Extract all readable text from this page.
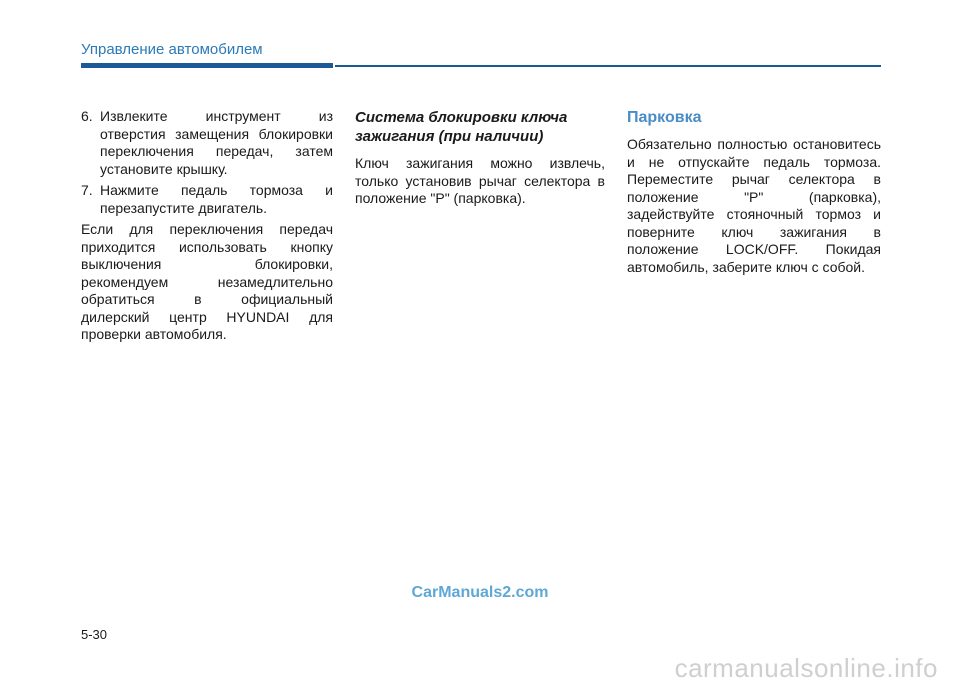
Управление автомобилем
6. Извлеките инструмент из отверстия замещения блокировки переключения передач, затем установите крышку.
7. Нажмите педаль тормоза и перезапустите двигатель.

Если для переключения передач приходится использовать кнопку выключения блокировки, рекомендуем незамедлительно обратиться в официальный дилерский центр HYUNDAI для проверки автомобиля.

Система блокировки ключа зажигания (при наличии)

Ключ зажигания можно извлечь, только установив рычаг селектора в положение "P" (парковка).

Парковка

Обязательно полностью остановитесь и не отпускайте педаль тормоза. Переместите рычаг селектора в положение "P" (парковка), задействуйте стояночный тормоз и поверните ключ зажигания в положение LOCK/OFF. Покидая автомобиль, заберите ключ с собой.

CarManuals2.com
5-30
carmanualsonline.info
